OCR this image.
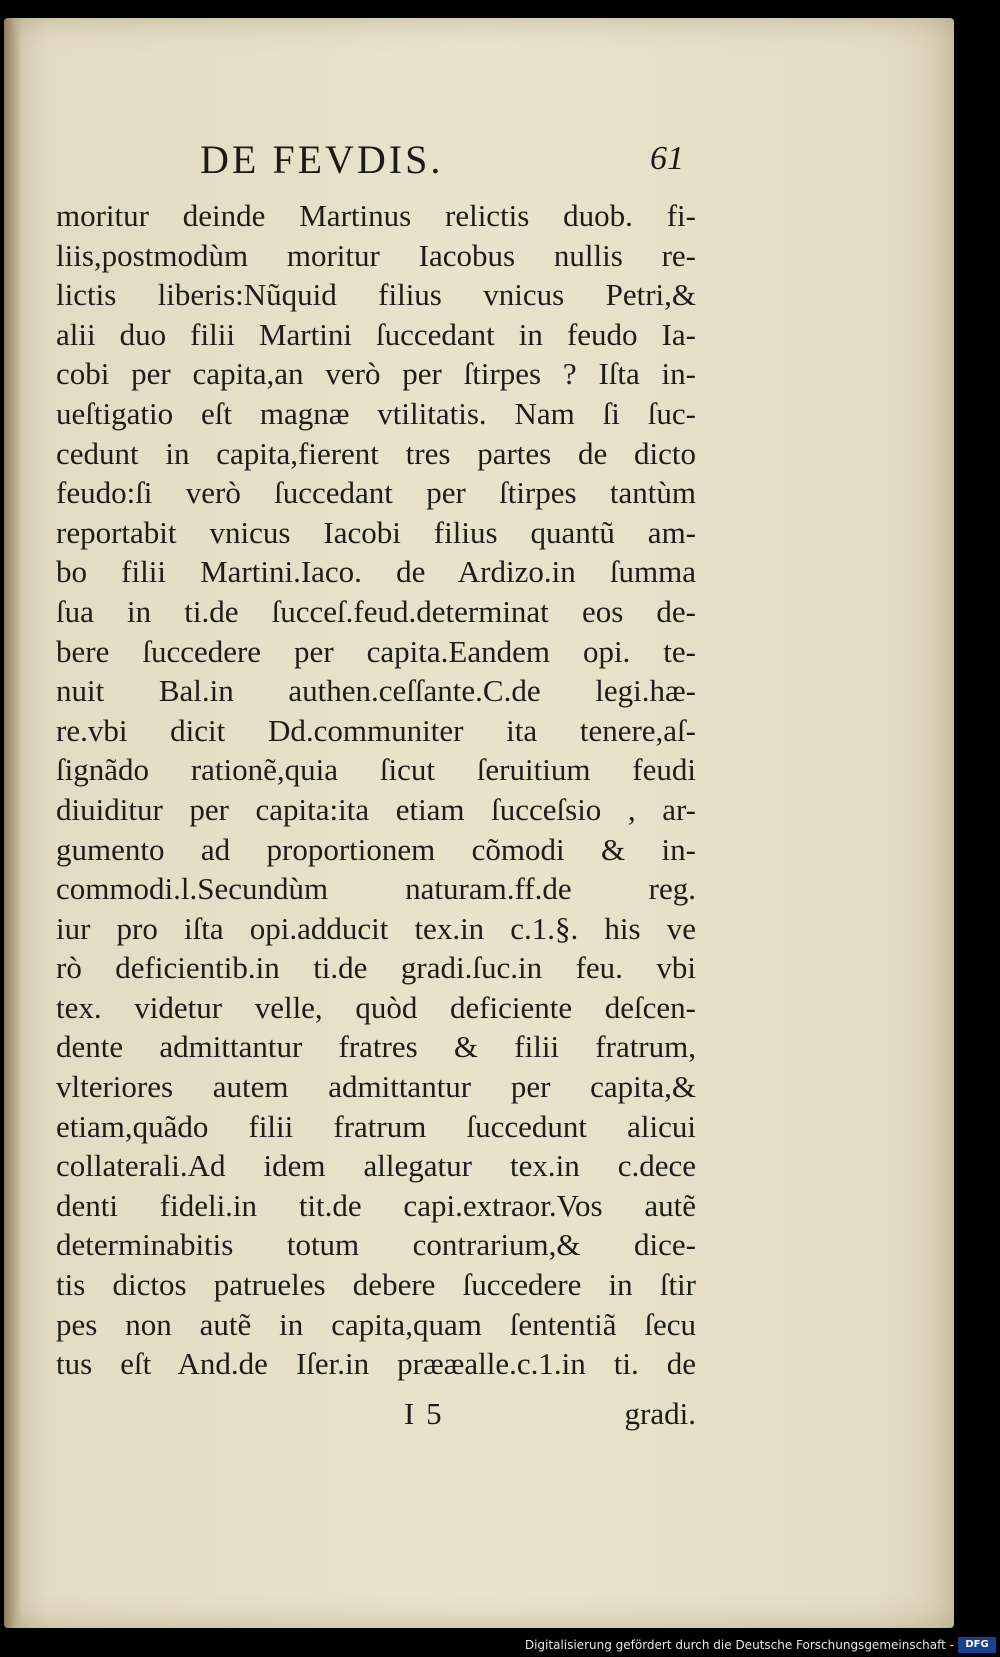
DE FEVDIS.	61
moritur deinde Martinus relictis duob. fi-
liis,postmodùm moritur Iacobus nullis re-
lictis liberis:Nũquid filius vnicus Petri,&
alii duo filii Martini ſuccedant in feudo Ia-
cobi per capita,an verò per ſtirpes ? Iſta in-
ueſtigatio eſt magnæ vtilitatis. Nam ſi ſuc-
cedunt in capita,fierent tres partes de dicto
feudo:ſi verò ſuccedant per ſtirpes tantùm
reportabit vnicus Iacobi filius quantũ am-
bo filii Martini.Iaco. de Ardizo.in ſumma
ſua in ti.de ſucceſ.feud.determinat eos de-
bere ſuccedere per capita.Eandem opi. te-
nuit Bal.in authen.ceſſante.C.de legi.hæ-
re.vbi dicit Dd.communiter ita tenere,aſ-
ſignãdo rationẽ,quia ſicut ſeruitium feudi
diuiditur per capita:ita etiam ſucceſsio , ar-
gumento ad proportionem cõmodi & in-
commodi.l.Secundùm naturam.ff.de reg.
iur pro iſta opi.adducit tex.in c.1.§. his ve
rò deficientib.in ti.de gradi.ſuc.in feu. vbi
tex. videtur velle, quòd deficiente deſcen-
dente admittantur fratres & filii fratrum,
vlteriores autem admittantur per capita,&
etiam,quãdo filii fratrum ſuccedunt alicui
collaterali.Ad idem allegatur tex.in c.dece
denti fideli.in tit.de capi.extraor.Vos autẽ
determinabitis totum contrarium,& dice-
tis dictos patrueles debere ſuccedere in ſtir
pes non autẽ in capita,quam ſententiã ſecu
tus eſt And.de Iſer.in prææalle.c.1.in ti. de
I 5	gradi.
Digitalisierung gefördert durch die Deutsche Forschungsgemeinschaft -	DFG
